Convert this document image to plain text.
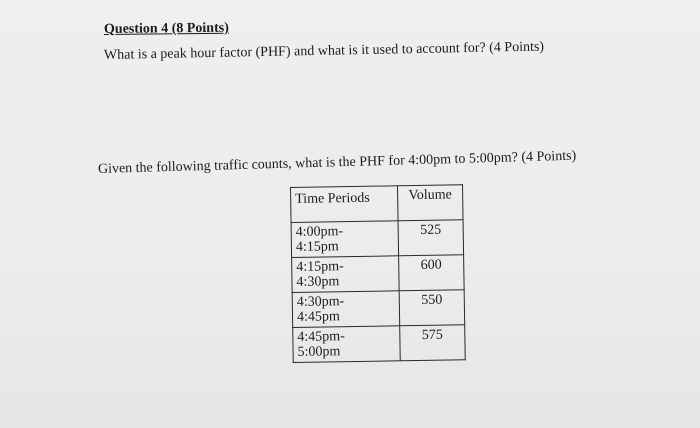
Question 4 (8 Points)
What is a peak hour factor (PHF) and what is it used to account for? (4 Points)
Given the following traffic counts, what is the PHF for 4:00pm to 5:00pm? (4 Points)
Time Periods	Volume

4:00pm-
4:15pm	525

4:15pm-
4:30pm	600

4:30pm-
4:45pm	550

4:45pm-
5:00pm	575
